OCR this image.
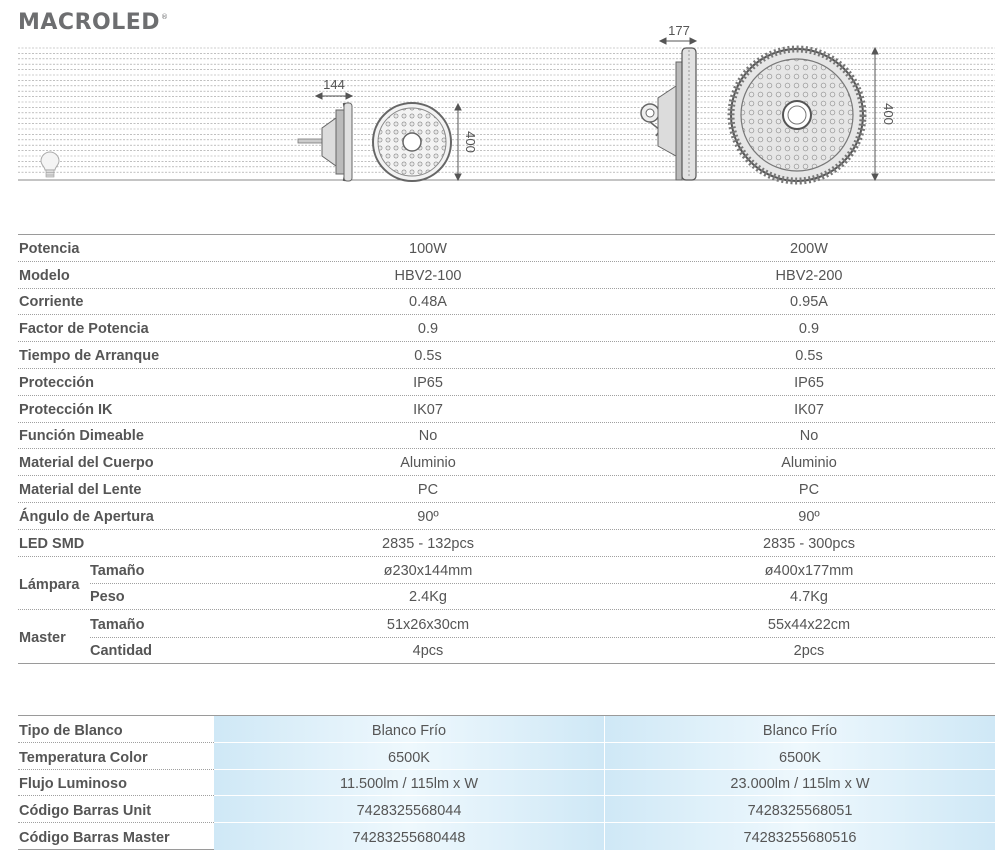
MACROLED®
144
400
177
400
Potencia	100W	200W
Modelo	HBV2-100	HBV2-200
Corriente	0.48A	0.95A
Factor de Potencia	0.9	0.9
Tiempo de Arranque	0.5s	0.5s
Protección	IP65	IP65
Protección IK	IK07	IK07
Función Dimeable	No	No
Material del Cuerpo	Aluminio	Aluminio
Material del Lente	PC	PC
Ángulo de Apertura	90º	90º
LED SMD	2835 - 132pcs	2835 - 300pcs
Lámpara
Tamaño	ø230x144mm	ø400x177mm
Peso	2.4Kg	4.7Kg
Master
Tamaño	51x26x30cm	55x44x22cm
Cantidad	4pcs	2pcs
Tipo de Blanco	Blanco Frío	Blanco Frío
Temperatura Color	6500K	6500K
Flujo Luminoso	11.500lm / 115lm x W	23.000lm / 115lm x W
Código Barras Unit	7428325568044	7428325568051
Código Barras Master	74283255680448	74283255680516
